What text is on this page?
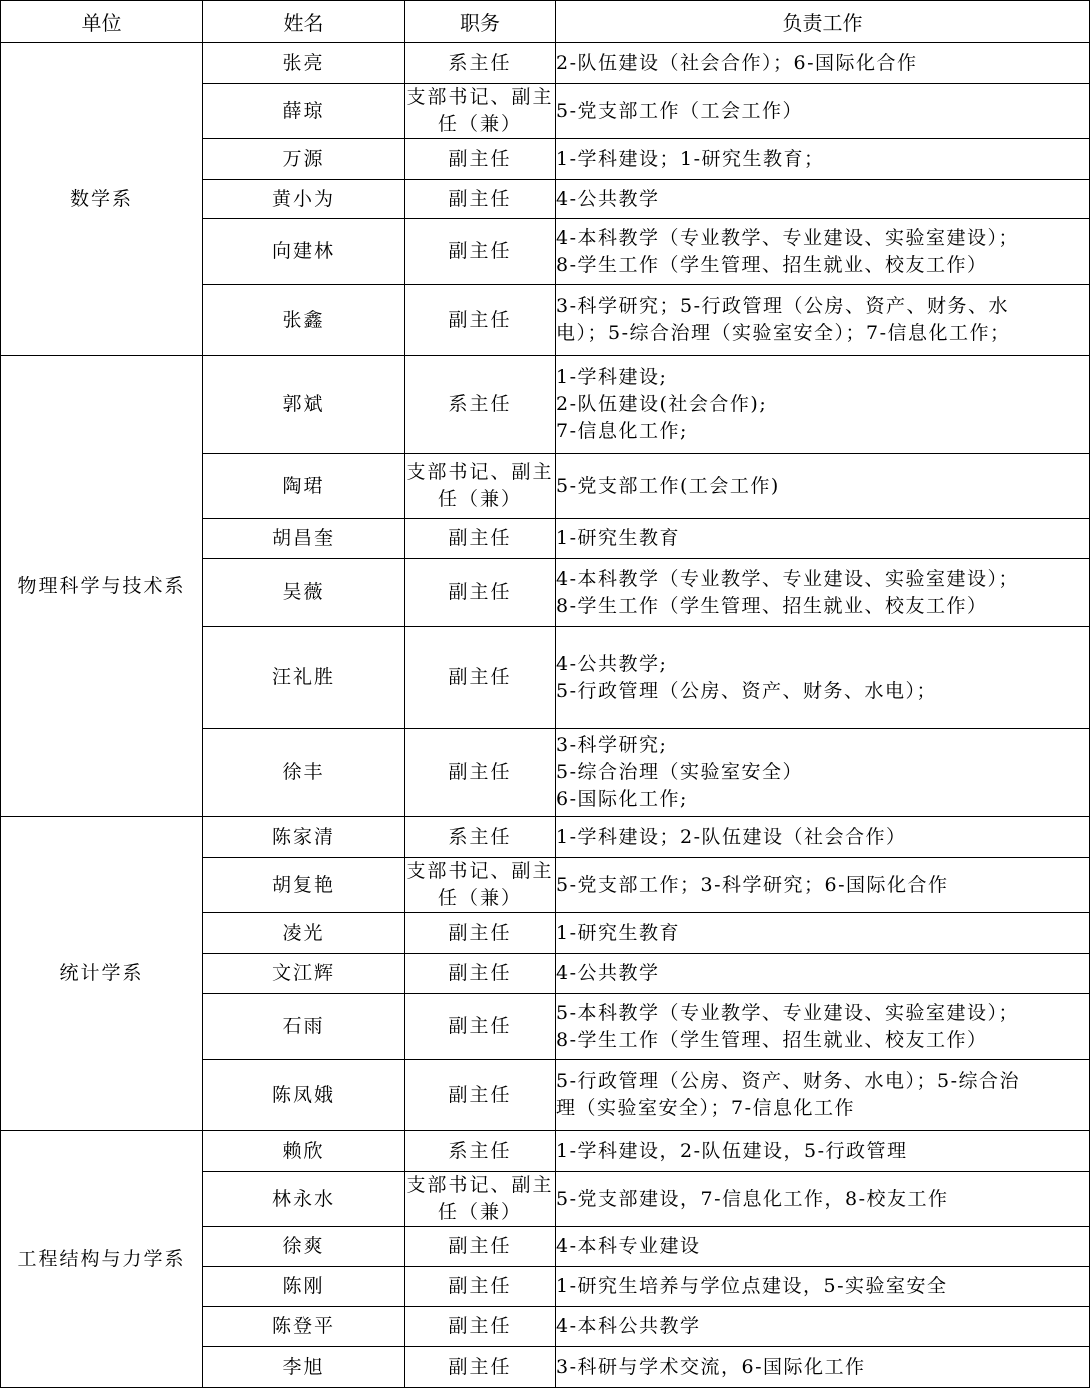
单位	姓名	职务	负责工作
数学系	张亮	系主任	2-队伍建设（社会合作）；6-国际化合作

	薛琼	支部书记、副主任（兼）	5-党支部工作（工会工作）

	万源	副主任	1-学科建设；1-研究生教育；

	黄小为	副主任	4-公共教学

	向建林	副主任	4-本科教学（专业教学、专业建设、实验室建设）；
8-学生工作（学生管理、招生就业、校友工作）

	张鑫	副主任	3-科学研究；5-行政管理（公房、资产、财务、水
电）；5-综合治理（实验室安全）；7-信息化工作；

物理科学与技术系	郭斌	系主任	1-学科建设;
2-队伍建设(社会合作);
7-信息化工作;

	陶珺	支部书记、副主任（兼）	5-党支部工作(工会工作)

	胡昌奎	副主任	1-研究生教育

	吴薇	副主任	4-本科教学（专业教学、专业建设、实验室建设）；
8-学生工作（学生管理、招生就业、校友工作）

	汪礼胜	副主任	4-公共教学;
5-行政管理（公房、资产、财务、水电）；

	徐丰	副主任	3-科学研究;
5-综合治理（实验室安全）
6-国际化工作;

统计学系	陈家清	系主任	1-学科建设；2-队伍建设（社会合作）

	胡复艳	支部书记、副主任（兼）	5-党支部工作；3-科学研究；6-国际化合作

	凌光	副主任	1-研究生教育

	文江辉	副主任	4-公共教学

	石雨	副主任	5-本科教学（专业教学、专业建设、实验室建设）；
8-学生工作（学生管理、招生就业、校友工作）

	陈凤娥	副主任	5-行政管理（公房、资产、财务、水电）；5-综合治
理（实验室安全）；7-信息化工作

工程结构与力学系	赖欣	系主任	1-学科建设，2-队伍建设，5-行政管理

	林永水	支部书记、副主任（兼）	5-党支部建设，7-信息化工作，8-校友工作

	徐爽	副主任	4-本科专业建设

	陈刚	副主任	1-研究生培养与学位点建设，5-实验室安全

	陈登平	副主任	4-本科公共教学

	李旭	副主任	3-科研与学术交流，6-国际化工作
